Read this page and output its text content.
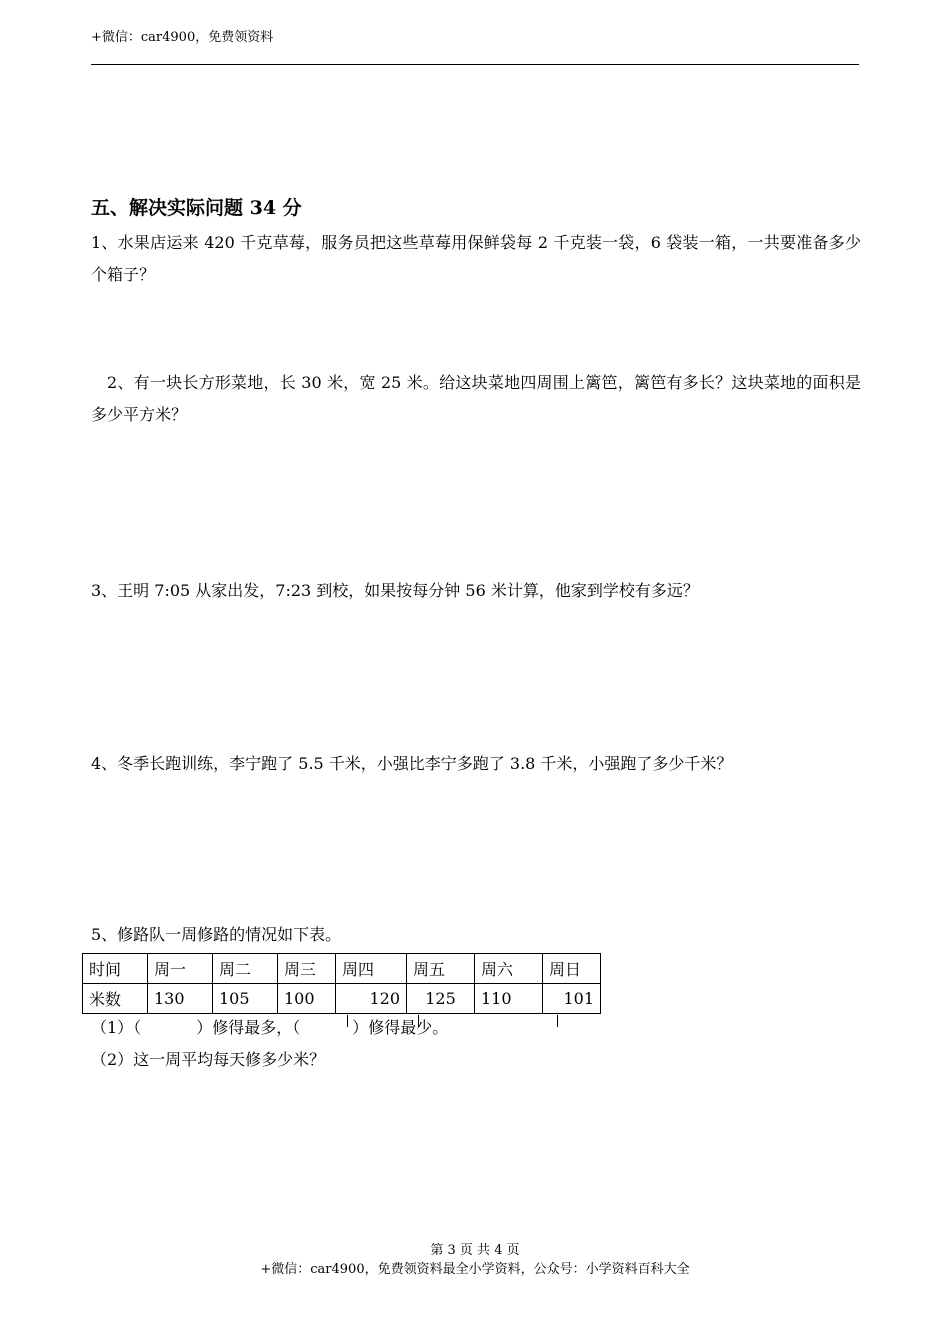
+微信：car4900，免费领资料
五、解决实际问题 34 分

1、水果店运来 420 千克草莓，服务员把这些草莓用保鲜袋每 2 千克装一袋，6 袋装一箱，一共要准备多少个箱子？

2、有一块长方形菜地，长 30 米，宽 25 米。给这块菜地四周围上篱笆，篱笆有多长？这块菜地的面积是多少平方米？

3、王明 7:05 从家出发，7:23 到校，如果按每分钟 56 米计算，他家到学校有多远？

4、冬季长跑训练，李宁跑了 5.5 千米，小强比李宁多跑了 3.8 千米，小强跑了多少千米？

5、修路队一周修路的情况如下表。

时间	周一	周二	周三	周四	周五	周六	周日
米数	130	105	100	120	125	110	101
（1）（	）修得最多，（	）修得最少。
（2）这一周平均每天修多少米？
第 3 页 共 4 页
+微信：car4900，免费领资料最全小学资料，公众号：小学资料百科大全
